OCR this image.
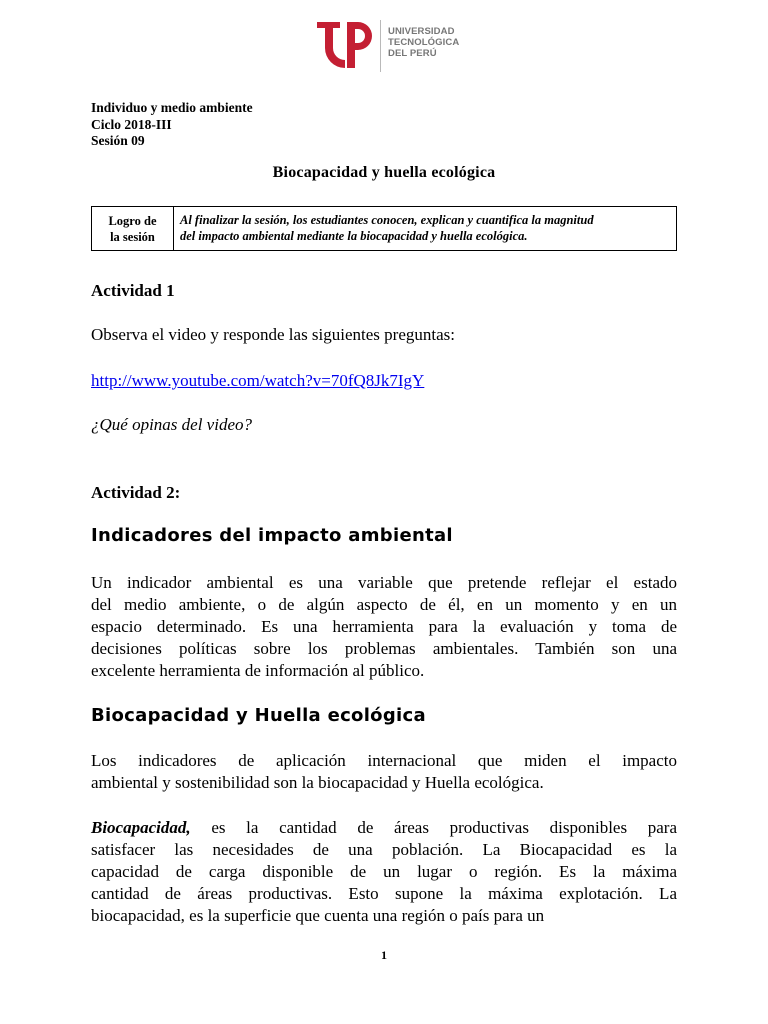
UNIVERSIDAD
TECNOLÓGICA
DEL PERÚ
Individuo y medio ambiente
Ciclo 2018-III
Sesión 09
Biocapacidad y huella ecológica
Logro de
la sesión
Al finalizar la sesión, los estudiantes conocen, explican y cuantifica la magnitud
del impacto ambiental mediante la biocapacidad y huella ecológica.
Actividad 1
Observa el video y responde las siguientes preguntas:
http://www.youtube.com/watch?v=70fQ8Jk7IgY
¿Qué opinas del video?
Actividad 2:
Indicadores del impacto ambiental
Un indicador ambiental es una variable que pretende reflejar el estado
del medio ambiente, o de algún aspecto de él, en un momento y en un
espacio determinado. Es una herramienta para la evaluación y toma de
decisiones políticas sobre los problemas ambientales. También son una
excelente herramienta de información al público.
Biocapacidad y Huella ecológica
Los indicadores de aplicación internacional que miden el impacto
ambiental y sostenibilidad son la biocapacidad y Huella ecológica.
Biocapacidad, es la cantidad de áreas productivas disponibles para
satisfacer las necesidades de una población. La Biocapacidad es la
capacidad de carga disponible de un lugar o región. Es la máxima
cantidad de áreas productivas. Esto supone la máxima explotación. La
biocapacidad, es la superficie que cuenta una región o país para un
1
